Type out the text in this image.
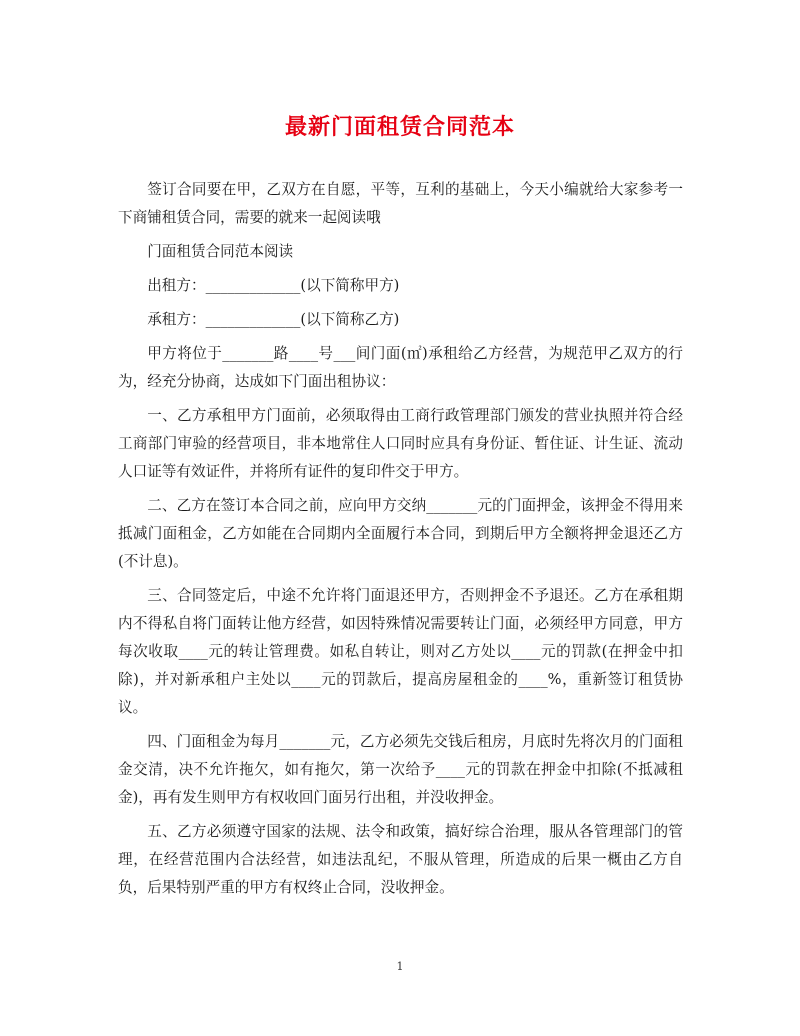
最新门面租赁合同范本

签订合同要在甲，乙双方在自愿，平等，互利的基础上，今天小编就给大家参考一下商铺租赁合同，需要的就来一起阅读哦

门面租赁合同范本阅读

出租方：_____________(以下简称甲方)

承租方：_____________(以下简称乙方)

甲方将位于_______路____号___间门面(㎡)承租给乙方经营，为规范甲乙双方的行为，经充分协商，达成如下门面出租协议：

一、乙方承租甲方门面前，必须取得由工商行政管理部门颁发的营业执照并符合经工商部门审验的经营项目，非本地常住人口同时应具有身份证、暂住证、计生证、流动人口证等有效证件，并将所有证件的复印件交于甲方。

二、乙方在签订本合同之前，应向甲方交纳_______元的门面押金，该押金不得用来抵减门面租金，乙方如能在合同期内全面履行本合同，到期后甲方全额将押金退还乙方(不计息)。

三、合同签定后，中途不允许将门面退还甲方，否则押金不予退还。乙方在承租期内不得私自将门面转让他方经营，如因特殊情况需要转让门面，必须经甲方同意，甲方每次收取____元的转让管理费。如私自转让，则对乙方处以____元的罚款(在押金中扣除)，并对新承租户主处以____元的罚款后，提高房屋租金的____%，重新签订租赁协议。

四、门面租金为每月_______元，乙方必须先交钱后租房，月底时先将次月的门面租金交清，决不允许拖欠，如有拖欠，第一次给予____元的罚款在押金中扣除(不抵减租金)，再有发生则甲方有权收回门面另行出租，并没收押金。

五、乙方必须遵守国家的法规、法令和政策，搞好综合治理，服从各管理部门的管理，在经营范围内合法经营，如违法乱纪，不服从管理，所造成的后果一概由乙方自负，后果特别严重的甲方有权终止合同，没收押金。

1
